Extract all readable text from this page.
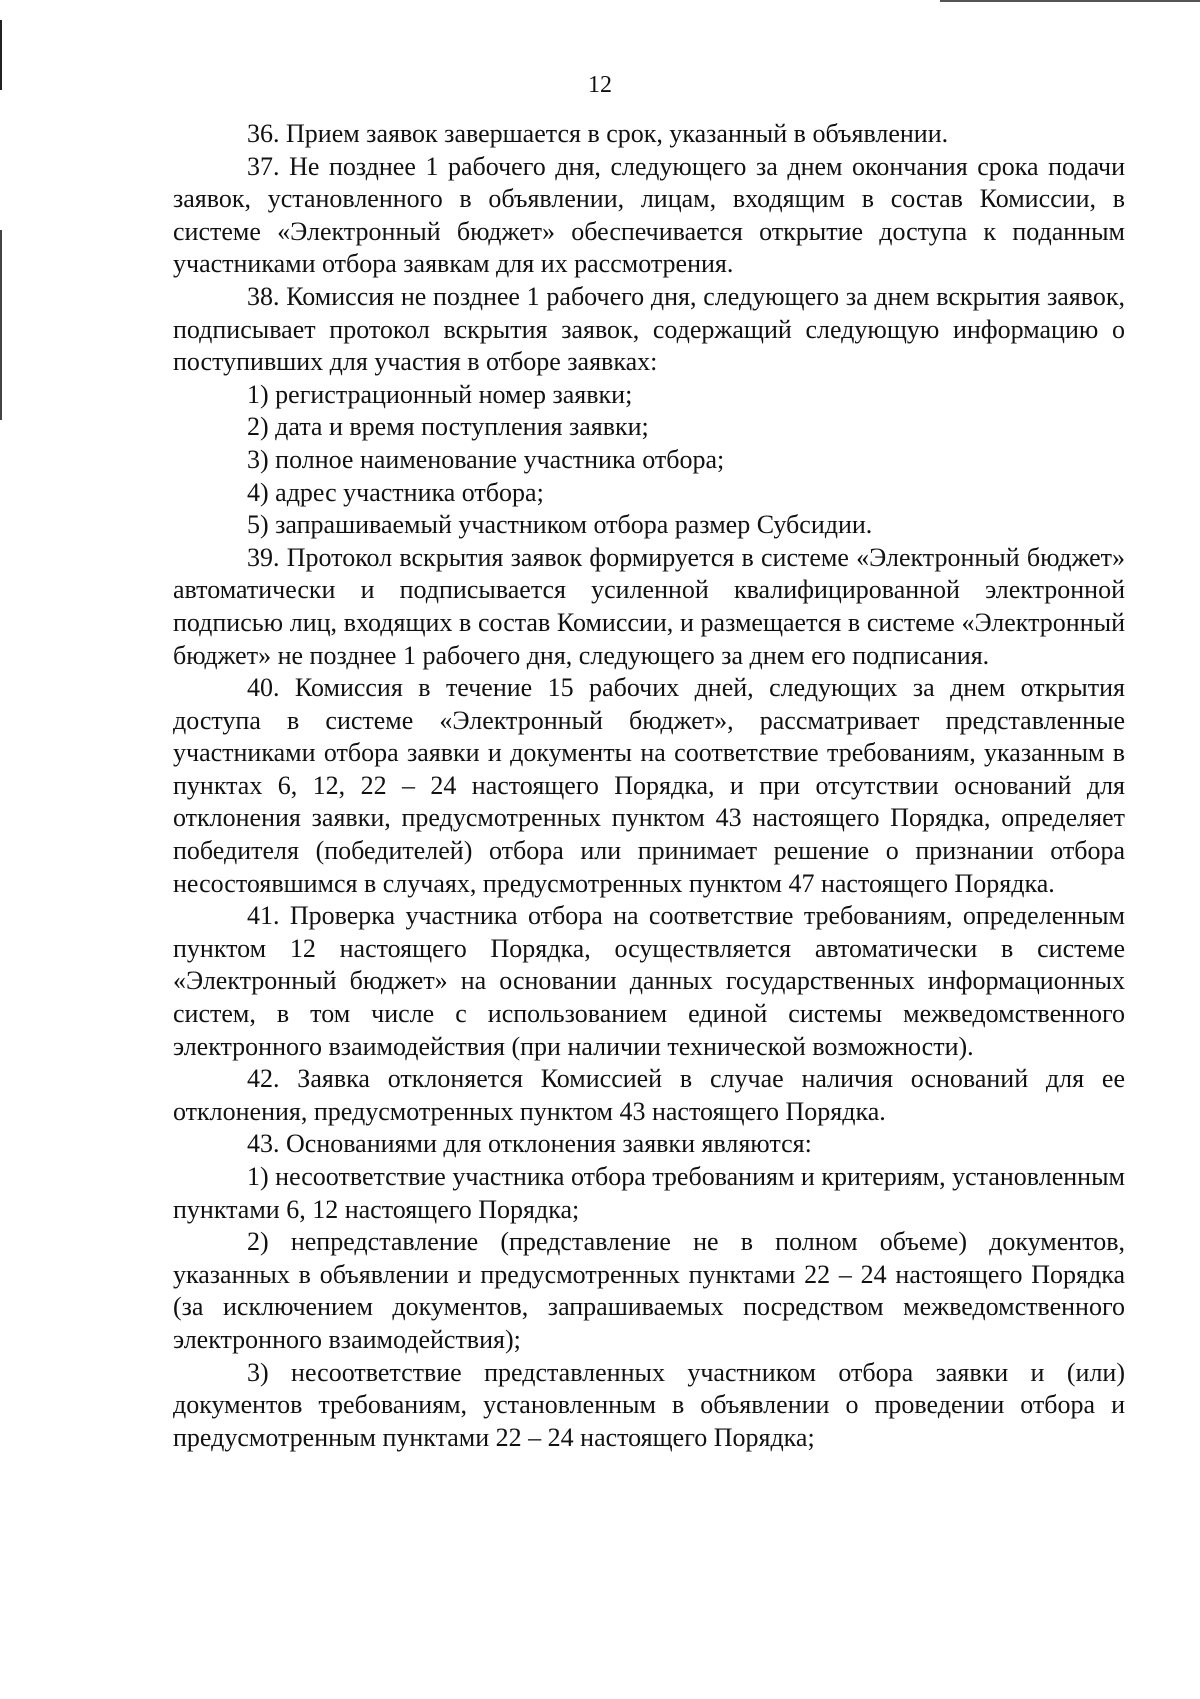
12

36. Прием заявок завершается в срок, указанный в объявлении.

37. Не позднее 1 рабочего дня, следующего за днем окончания срока подачи заявок, установленного в объявлении, лицам, входящим в состав Комиссии, в системе «Электронный бюджет» обеспечивается открытие доступа к поданным участниками отбора заявкам для их рассмотрения.

38. Комиссия не позднее 1 рабочего дня, следующего за днем вскрытия заявок, подписывает протокол вскрытия заявок, содержащий следующую информацию о поступивших для участия в отборе заявках:

1) регистрационный номер заявки;

2) дата и время поступления заявки;

3) полное наименование участника отбора;

4) адрес участника отбора;

5) запрашиваемый участником отбора размер Субсидии.

39. Протокол вскрытия заявок формируется в системе «Электронный бюджет» автоматически и подписывается усиленной квалифицированной электронной подписью лиц, входящих в состав Комиссии, и размещается в системе «Электронный бюджет» не позднее 1 рабочего дня, следующего за днем его подписания.

40. Комиссия в течение 15 рабочих дней, следующих за днем открытия доступа в системе «Электронный бюджет», рассматривает представленные участниками отбора заявки и документы на соответствие требованиям, указанным в пунктах 6, 12, 22 – 24 настоящего Порядка, и при отсутствии оснований для отклонения заявки, предусмотренных пунктом 43 настоящего Порядка, определяет победителя (победителей) отбора или принимает решение о признании отбора несостоявшимся в случаях, предусмотренных пунктом 47 настоящего Порядка.

41. Проверка участника отбора на соответствие требованиям, определенным пунктом 12 настоящего Порядка, осуществляется автоматически в системе «Электронный бюджет» на основании данных государственных информационных систем, в том числе с использованием единой системы межведомственного электронного взаимодействия (при наличии технической возможности).

42. Заявка отклоняется Комиссией в случае наличия оснований для ее отклонения, предусмотренных пунктом 43 настоящего Порядка.

43. Основаниями для отклонения заявки являются:

1) несоответствие участника отбора требованиям и критериям, установленным пунктами 6, 12 настоящего Порядка;

2) непредставление (представление не в полном объеме) документов, указанных в объявлении и предусмотренных пунктами 22 – 24 настоящего Порядка (за исключением документов, запрашиваемых посредством межведомственного электронного взаимодействия);

3) несоответствие представленных участником отбора заявки и (или) документов требованиям, установленным в объявлении о проведении отбора и предусмотренным пунктами 22 – 24 настоящего Порядка;
